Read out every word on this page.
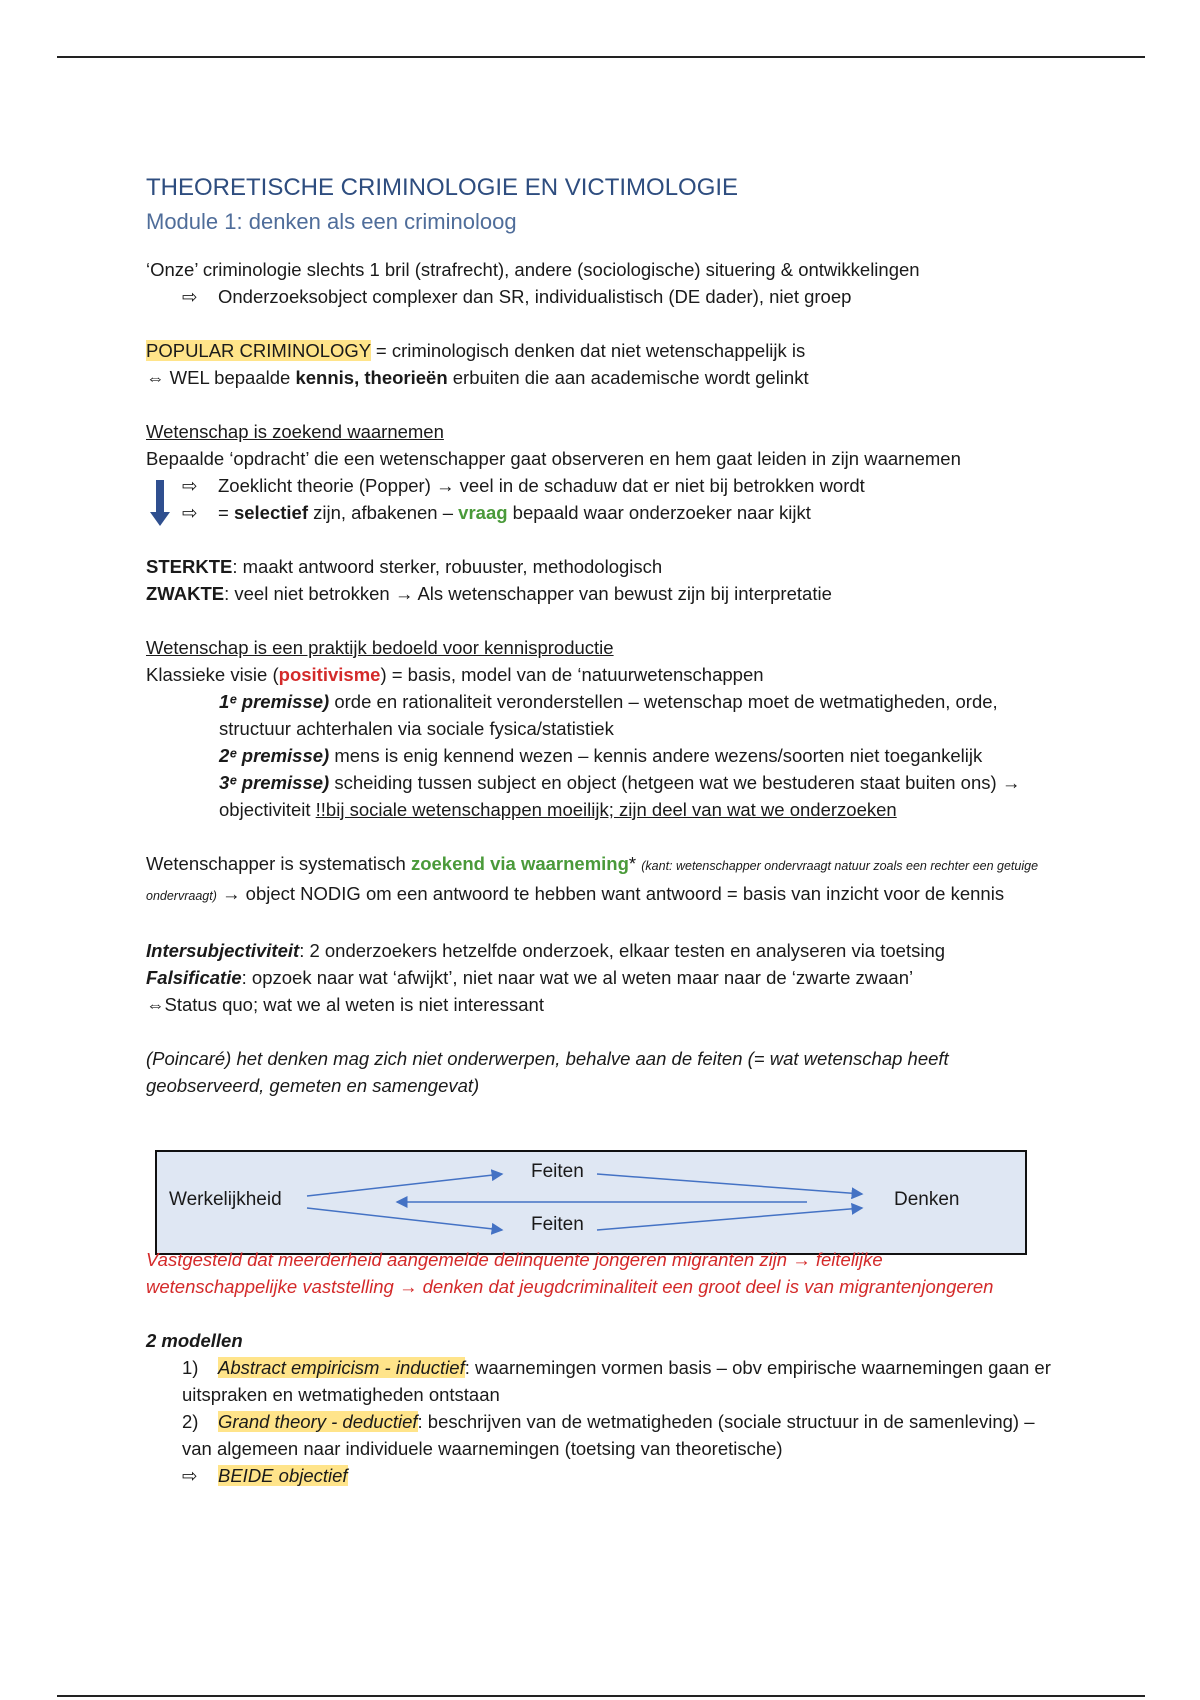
THEORETISCHE CRIMINOLOGIE EN VICTIMOLOGIE
Module 1: denken als een criminoloog

‘Onze’ criminologie slechts 1 bril (strafrecht), andere (sociologische) situering & ontwikkelingen

⇨ Onderzoeksobject complexer dan SR, individualistisch (DE dader), niet groep

POPULAR CRIMINOLOGY = criminologisch denken dat niet wetenschappelijk is

⇔ WEL bepaalde kennis, theorieën erbuiten die aan academische wordt gelinkt

Wetenschap is zoekend waarnemen

Bepaalde ‘opdracht’ die een wetenschapper gaat observeren en hem gaat leiden in zijn waarnemen

⇨ Zoeklicht theorie (Popper) → veel in de schaduw dat er niet bij betrokken wordt

⇨ = selectief zijn, afbakenen – vraag bepaald waar onderzoeker naar kijkt

STERKTE: maakt antwoord sterker, robuuster, methodologisch

ZWAKTE: veel niet betrokken → Als wetenschapper van bewust zijn bij interpretatie

Wetenschap is een praktijk bedoeld voor kennisproductie

Klassieke visie (positivisme) = basis, model van de ‘natuurwetenschappen

1ᵉ premisse) orde en rationaliteit veronderstellen – wetenschap moet de wetmatigheden, orde, structuur achterhalen via sociale fysica/statistiek

2ᵉ premisse) mens is enig kennend wezen – kennis andere wezens/soorten niet toegankelijk

3ᵉ premisse) scheiding tussen subject en object (hetgeen wat we bestuderen staat buiten ons) → objectiviteit !!bij sociale wetenschappen moeilijk; zijn deel van wat we onderzoeken

Wetenschapper is systematisch zoekend via waarneming* (kant: wetenschapper ondervraagt natuur zoals een rechter een getuige ondervraagt) → object NODIG om een antwoord te hebben want antwoord = basis van inzicht voor de kennis

Intersubjectiviteit: 2 onderzoekers hetzelfde onderzoek, elkaar testen en analyseren via toetsing

Falsificatie: opzoek naar wat ‘afwijkt’, niet naar wat we al weten maar naar de ‘zwarte zwaan’

⇔Status quo; wat we al weten is niet interessant

(Poincaré) het denken mag zich niet onderwerpen, behalve aan de feiten (= wat wetenschap heeft geobserveerd, gemeten en samengevat)

Werkelijkheid
Feiten
Feiten
Denken

Vastgesteld dat meerderheid aangemelde delinquente jongeren migranten zijn → feitelijke

wetenschappelijke vaststelling → denken dat jeugdcriminaliteit een groot deel is van migrantenjongeren

2 modellen

1) Abstract empiricism - inductief: waarnemingen vormen basis – obv empirische waarnemingen gaan er uitspraken en wetmatigheden ontstaan

2) Grand theory - deductief: beschrijven van de wetmatigheden (sociale structuur in de samenleving) – van algemeen naar individuele waarnemingen (toetsing van theoretische)

⇨ BEIDE objectief
